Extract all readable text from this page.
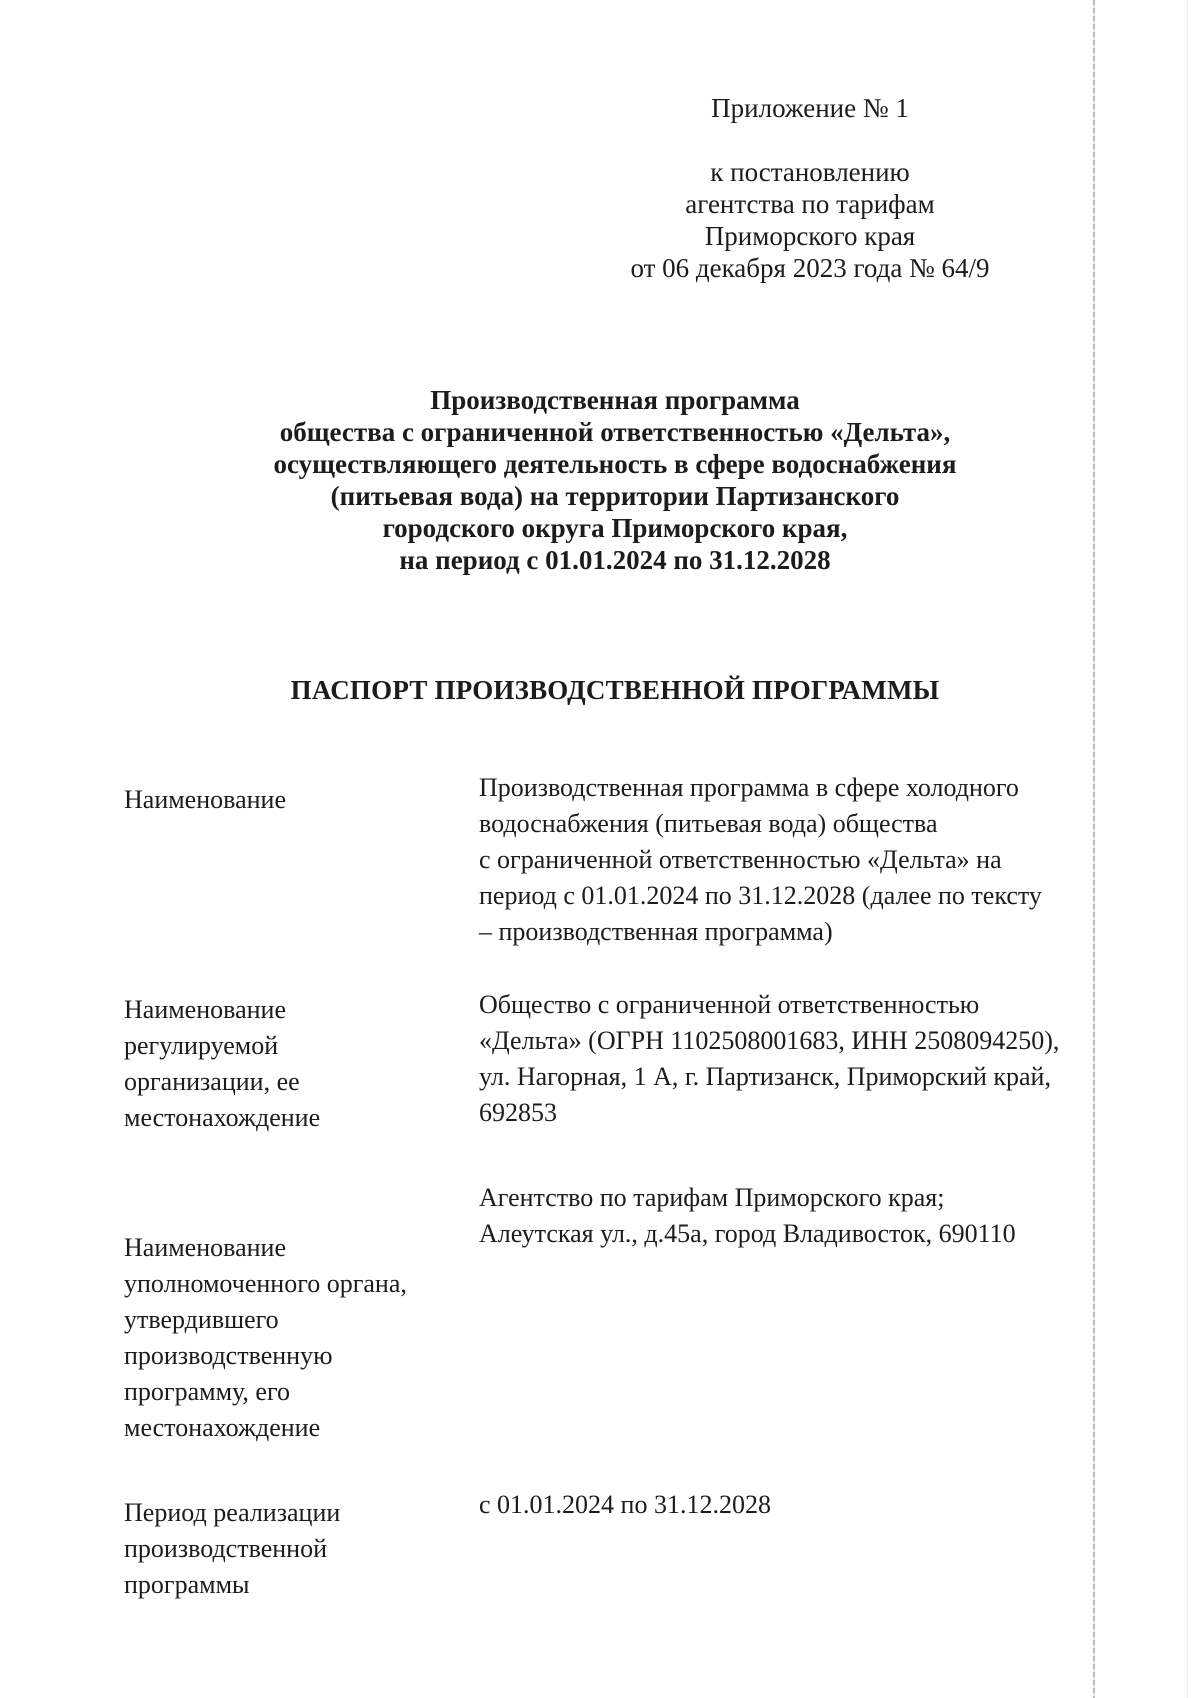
Приложение № 1
к постановлению
агентства по тарифам
Приморского края
от 06 декабря 2023 года № 64/9
Производственная программа
общества с ограниченной ответственностью «Дельта»,
осуществляющего деятельность в сфере водоснабжения
(питьевая вода) на территории Партизанского
городского округа Приморского края,
на период с 01.01.2024 по 31.12.2028
ПАСПОРТ ПРОИЗВОДСТВЕННОЙ ПРОГРАММЫ
Наименование	Производственная программа в сфере холодного
водоснабжения (питьевая вода) общества
с ограниченной ответственностью «Дельта» на
период с 01.01.2024 по 31.12.2028 (далее по тексту
– производственная программа)
Наименование
регулируемой
организации, ее
местонахождение
Общество с ограниченной ответственностью
«Дельта» (ОГРН 1102508001683, ИНН 2508094250),
ул. Нагорная, 1 А, г. Партизанск, Приморский край,
692853
Наименование
уполномоченного органа,
утвердившего
производственную
программу, его
местонахождение
Агентство по тарифам Приморского края;
Алеутская ул., д.45а, город Владивосток, 690110
Период реализации
производственной
программы
с 01.01.2024 по 31.12.2028
